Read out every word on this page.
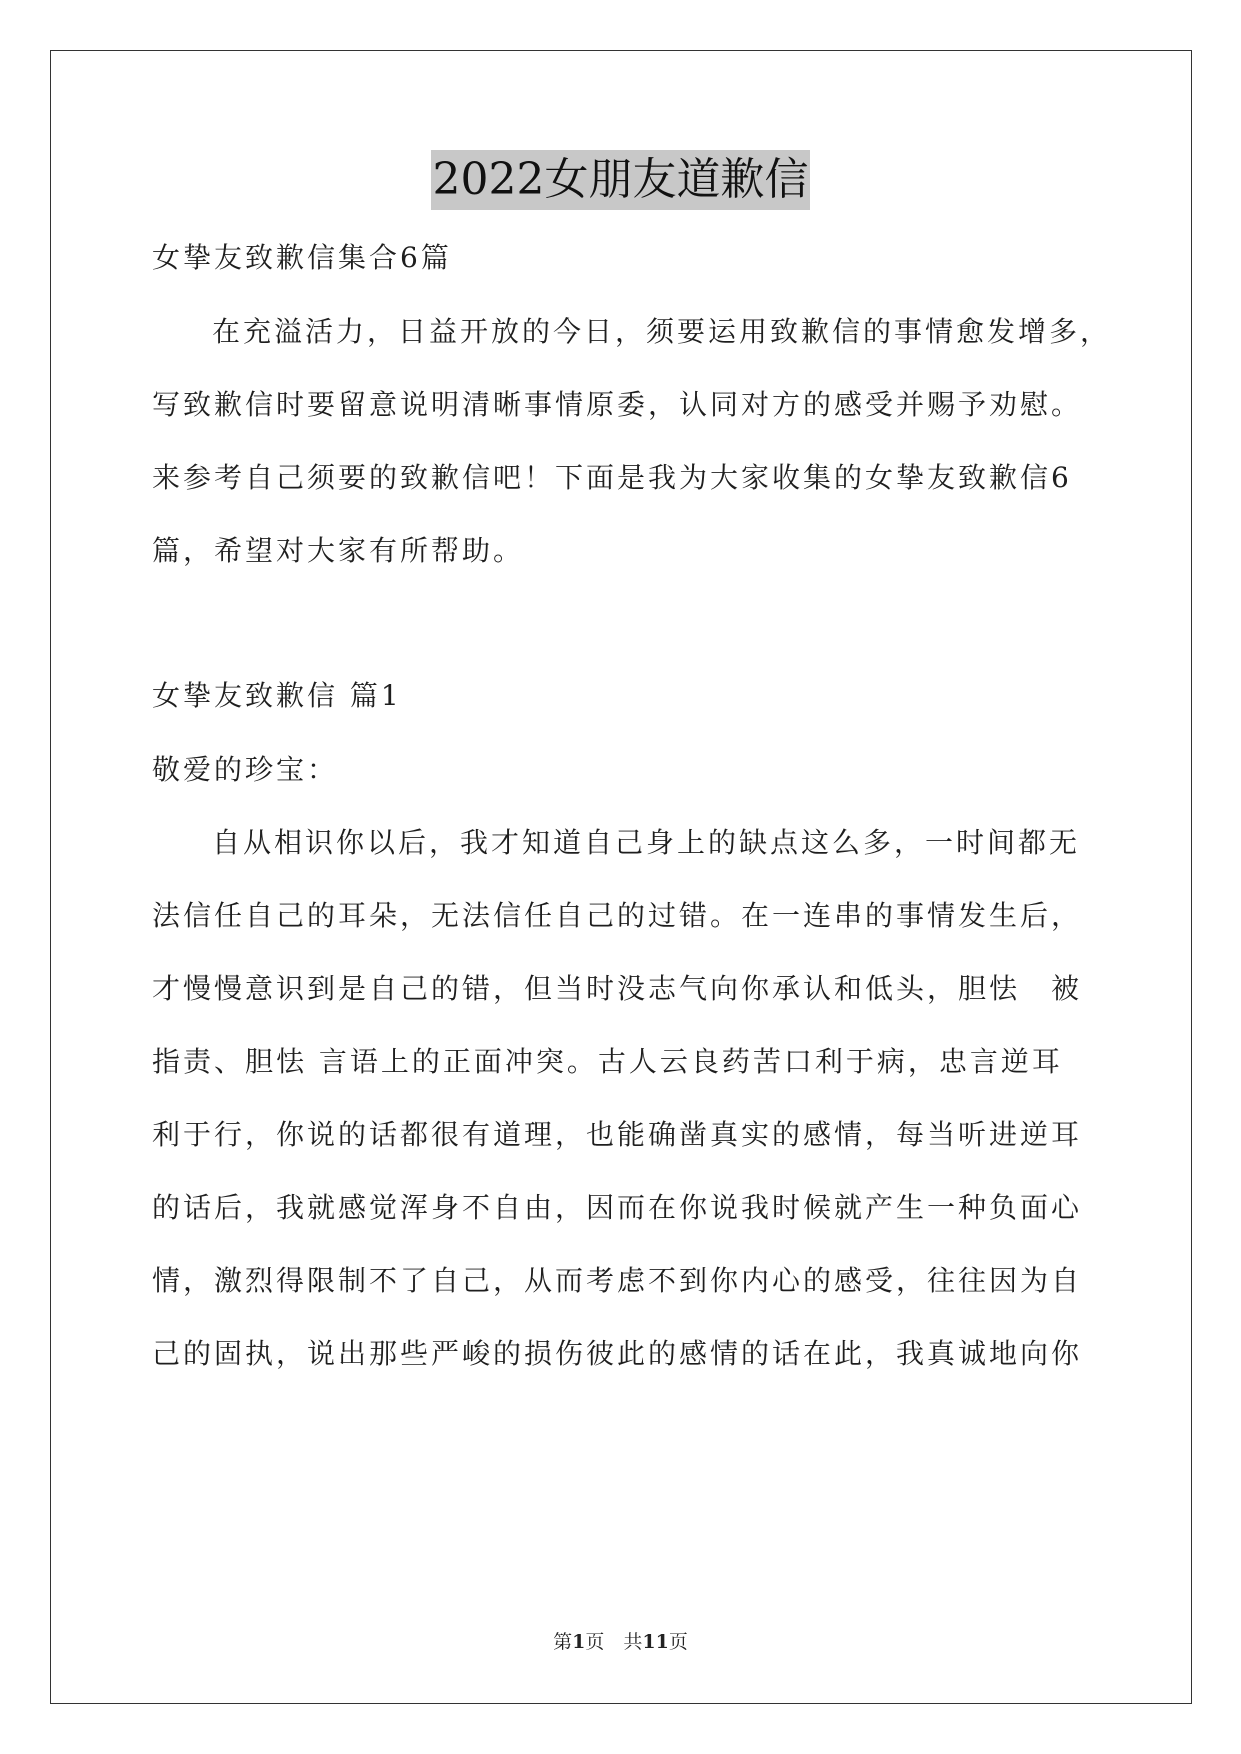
2022女朋友道歉信
女挚友致歉信集合6篇
在充溢活力，日益开放的今日，须要运用致歉信的事情愈发增多，
写致歉信时要留意说明清晰事情原委，认同对方的感受并赐予劝慰。
来参考自己须要的致歉信吧！下面是我为大家收集的女挚友致歉信6
篇，希望对大家有所帮助。
女挚友致歉信 篇1
敬爱的珍宝：
自从相识你以后，我才知道自己身上的缺点这么多，一时间都无
法信任自己的耳朵，无法信任自己的过错。在一连串的事情发生后，
才慢慢意识到是自己的错，但当时没志气向你承认和低头，胆怯　被
指责、胆怯 言语上的正面冲突。古人云良药苦口利于病，忠言逆耳
利于行，你说的话都很有道理，也能确凿真实的感情，每当听进逆耳
的话后，我就感觉浑身不自由，因而在你说我时候就产生一种负面心
情，激烈得限制不了自己，从而考虑不到你内心的感受，往往因为自
己的固执，说出那些严峻的损伤彼此的感情的话在此，我真诚地向你
第1页　共11页
